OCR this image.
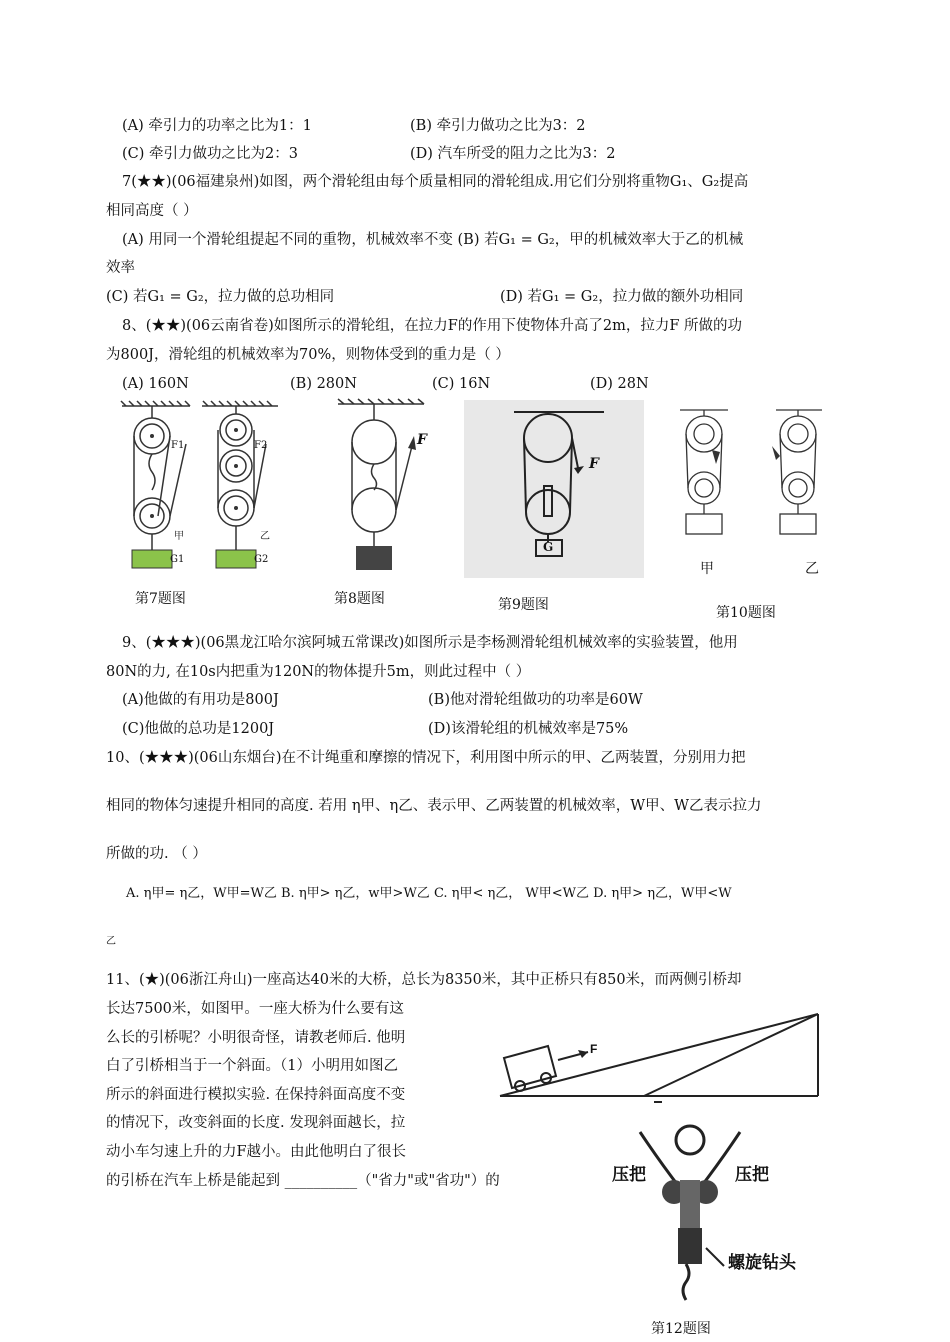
(A) 牵引力的功率之比为1：1	(B) 牵引力做功之比为3：2
(C) 牵引力做功之比为2：3	(D) 汽车所受的阻力之比为3：2
7(★★)(06福建泉州)如图，两个滑轮组由每个质量相同的滑轮组成.用它们分别将重物G₁、G₂提高
相同高度（ ）
(A) 用同一个滑轮组提起不同的重物，机械效率不变 (B) 若G₁ = G₂，甲的机械效率大于乙的机械
效率
(C) 若G₁ = G₂，拉力做的总功相同	(D) 若G₁ = G₂，拉力做的额外功相同
8、(★★)(06云南省卷)如图所示的滑轮组，在拉力F的作用下使物体升高了2m，拉力F 所做的功
为800J，滑轮组的机械效率为70%，则物体受到的重力是（ ）
(A) 160N	(B) 280N	(C) 16N	(D) 28N
F1	F2
甲	乙
G1	G2
第7题图
F
第8题图
F
G
第9题图
甲	乙
第10题图
9、(★★★)(06黑龙江哈尔滨阿城五常课改)如图所示是李杨测滑轮组机械效率的实验装置，他用
80N的力, 在10s内把重为120N的物体提升5m，则此过程中（ ）
(A)他做的有用功是800J	(B)他对滑轮组做功的功率是60W
(C)他做的总功是1200J	(D)该滑轮组的机械效率是75%
10、(★★★)(06山东烟台)在不计绳重和摩擦的情况下，利用图中所示的甲、乙两装置，分别用力把
相同的物体匀速提升相同的高度. 若用 η甲、η乙、表示甲、乙两装置的机械效率，W甲、W乙表示拉力
所做的功. （ ）
A. η甲= η乙，W甲=W乙 B. η甲> η乙，w甲>W乙 C. η甲< η乙， W甲<W乙 D. η甲> η乙，W甲<W
乙
11、(★)(06浙江舟山)一座高达40米的大桥，总长为8350米，其中正桥只有850米，而两侧引桥却
长达7500米，如图甲。一座大桥为什么要有这
么长的引桥呢？小明很奇怪，请教老师后. 他明
白了引桥相当于一个斜面。（1）小明用如图乙
所示的斜面进行模拟实验. 在保持斜面高度不变
的情况下，改变斜面的长度. 发现斜面越长，拉
动小车匀速上升的力F越小。由此他明白了很长
的引桥在汽车上桥是能起到 __________（"省力"或"省功"）的
F
压把	压把
螺旋钻头
第12题图
